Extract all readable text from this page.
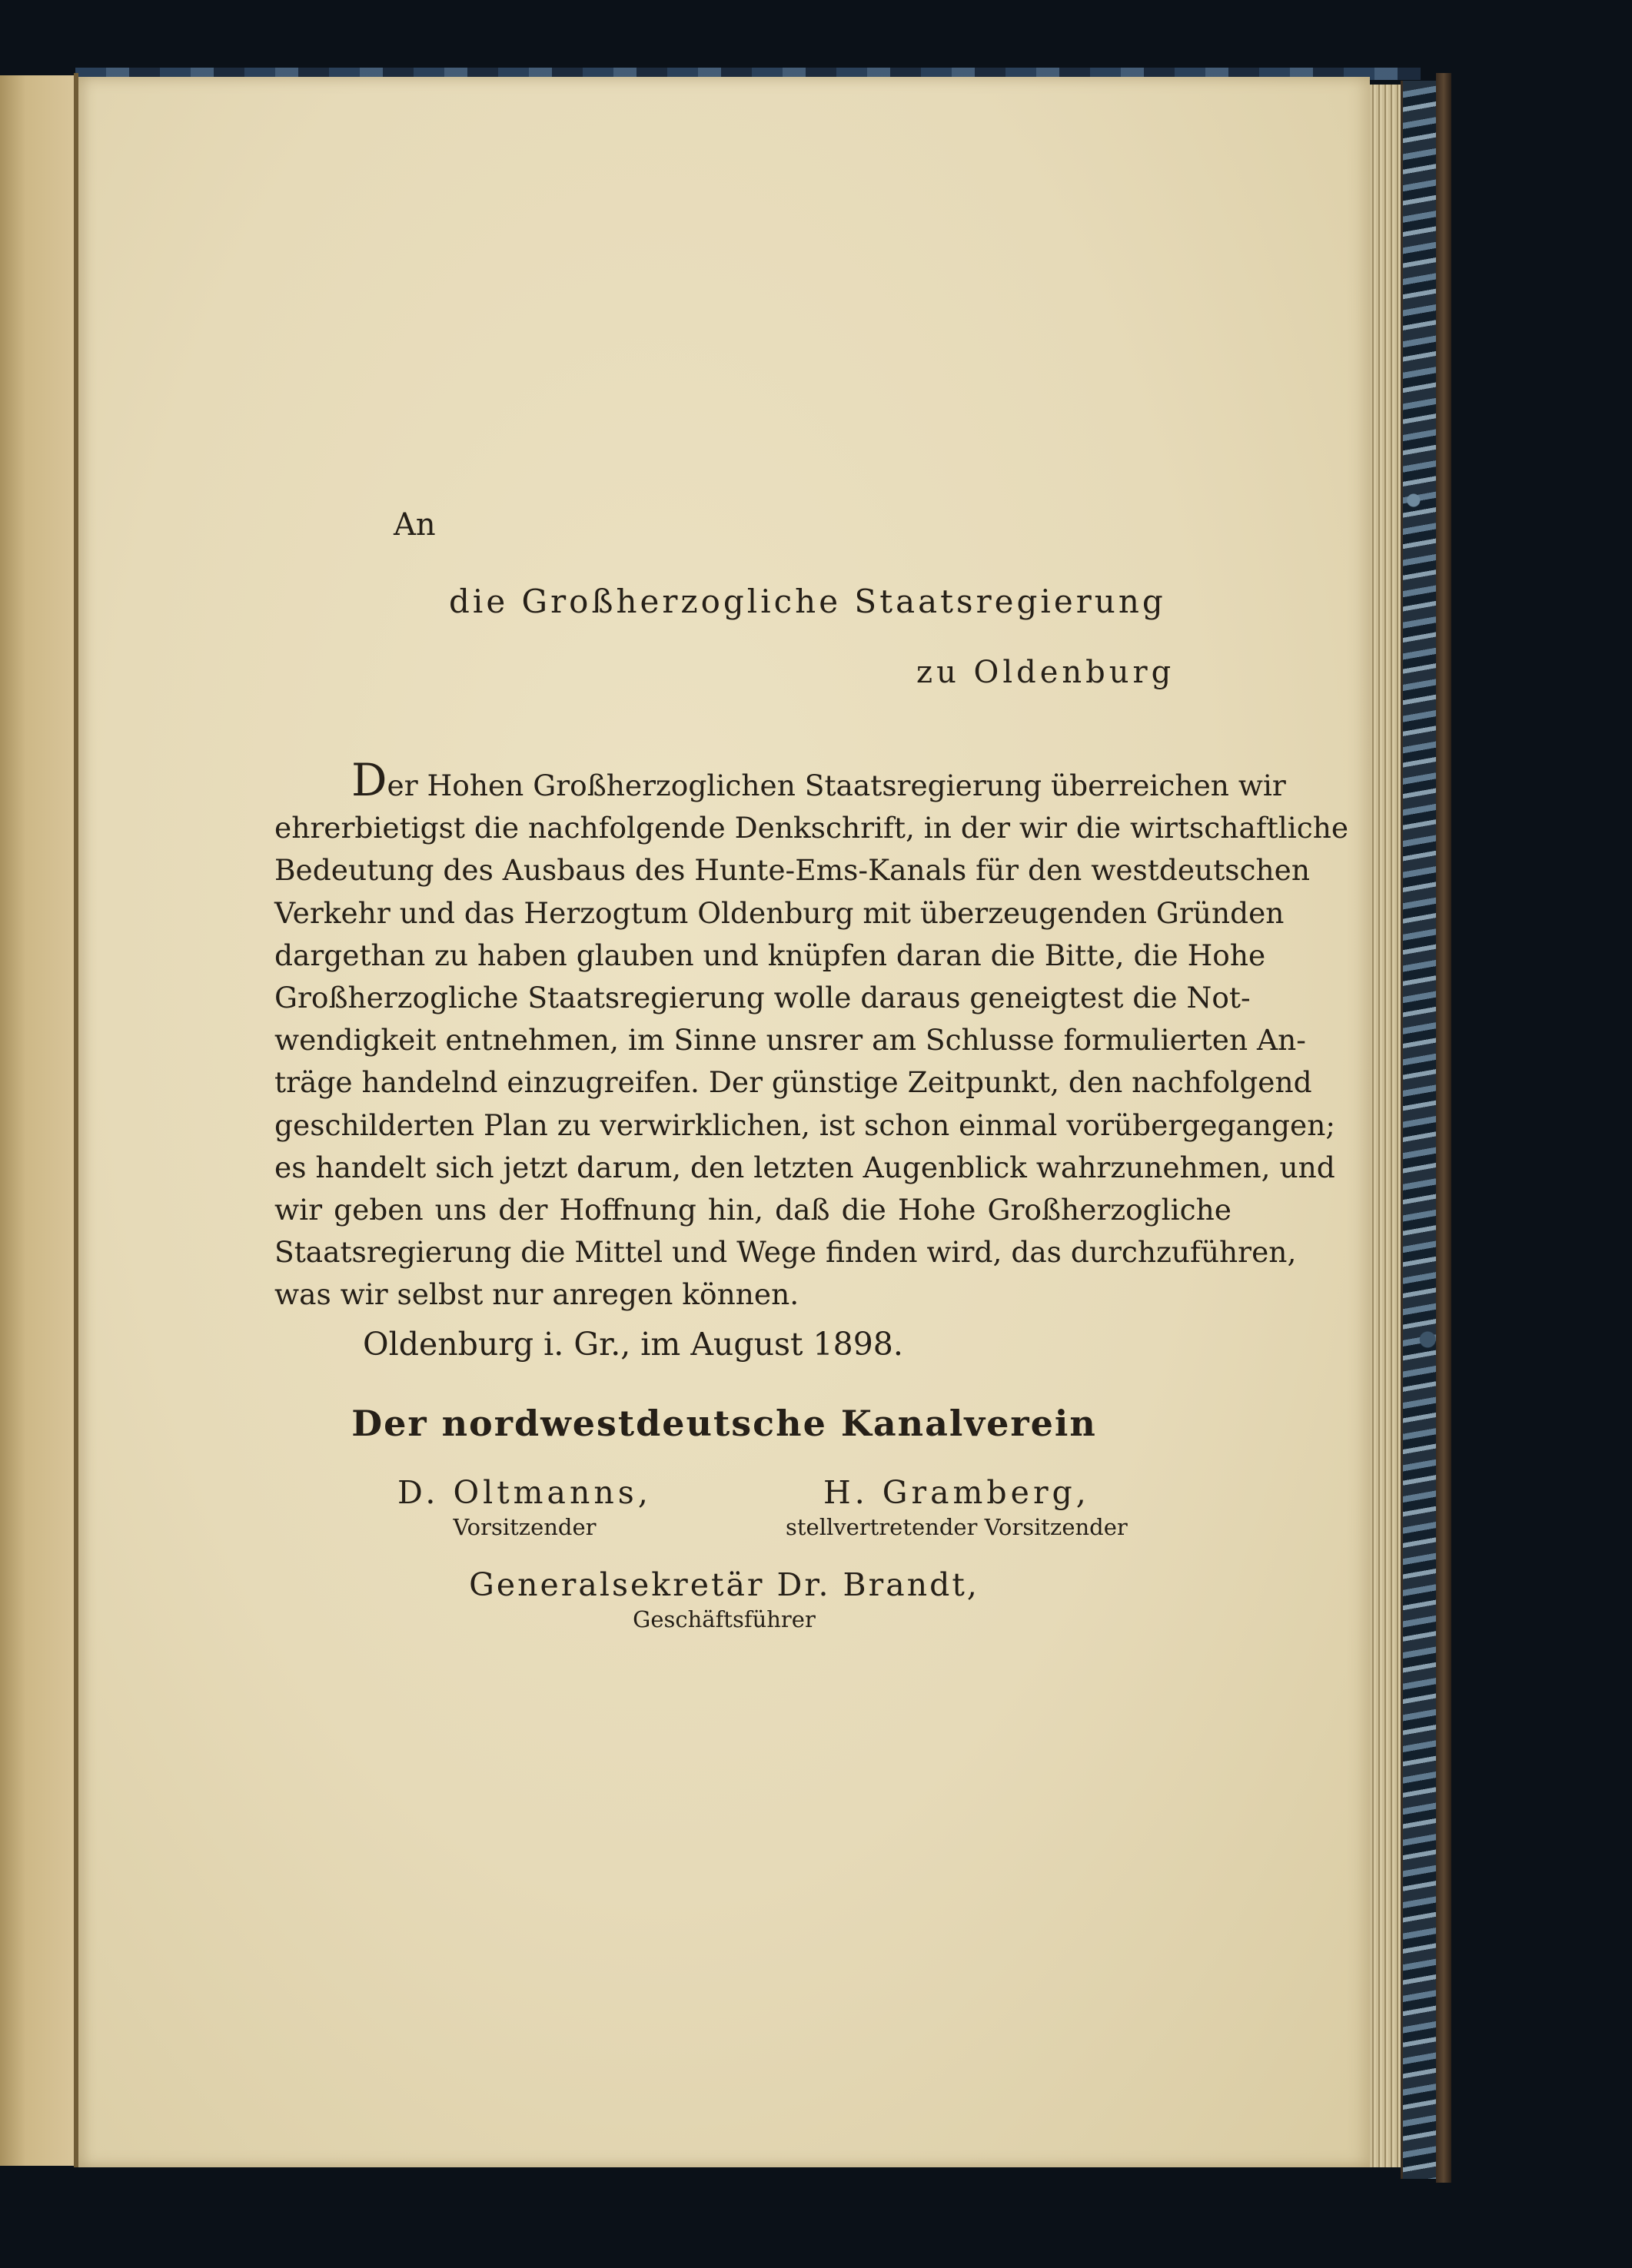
An

die Großherzogliche Staatsregierung

zu Oldenburg

Der Hohen Großherzoglichen Staatsregierung überreichen wir
ehrerbietigst die nachfolgende Denkschrift, in der wir die wirtschaftliche
Bedeutung des Ausbaus des Hunte-Ems-Kanals für den westdeutschen
Verkehr und das Herzogtum Oldenburg mit überzeugenden Gründen
dargethan zu haben glauben und knüpfen daran die Bitte, die Hohe
Großherzogliche Staatsregierung wolle daraus geneigtest die Not-
wendigkeit entnehmen, im Sinne unsrer am Schlusse formulierten An-
träge handelnd einzugreifen. Der günstige Zeitpunkt, den nachfolgend
geschilderten Plan zu verwirklichen, ist schon einmal vorübergegangen;
es handelt sich jetzt darum, den letzten Augenblick wahrzunehmen, und
wir geben uns der Hoffnung hin, daß die Hohe Großherzogliche
Staatsregierung die Mittel und Wege finden wird, das durchzuführen,
was wir selbst nur anregen können.

Oldenburg i. Gr., im August 1898.

Der nordwestdeutsche Kanalverein

D. Oltmanns,
Vorsitzender
H. Gramberg,
stellvertretender Vorsitzender
Generalsekretär Dr. Brandt,
Geschäftsführer
